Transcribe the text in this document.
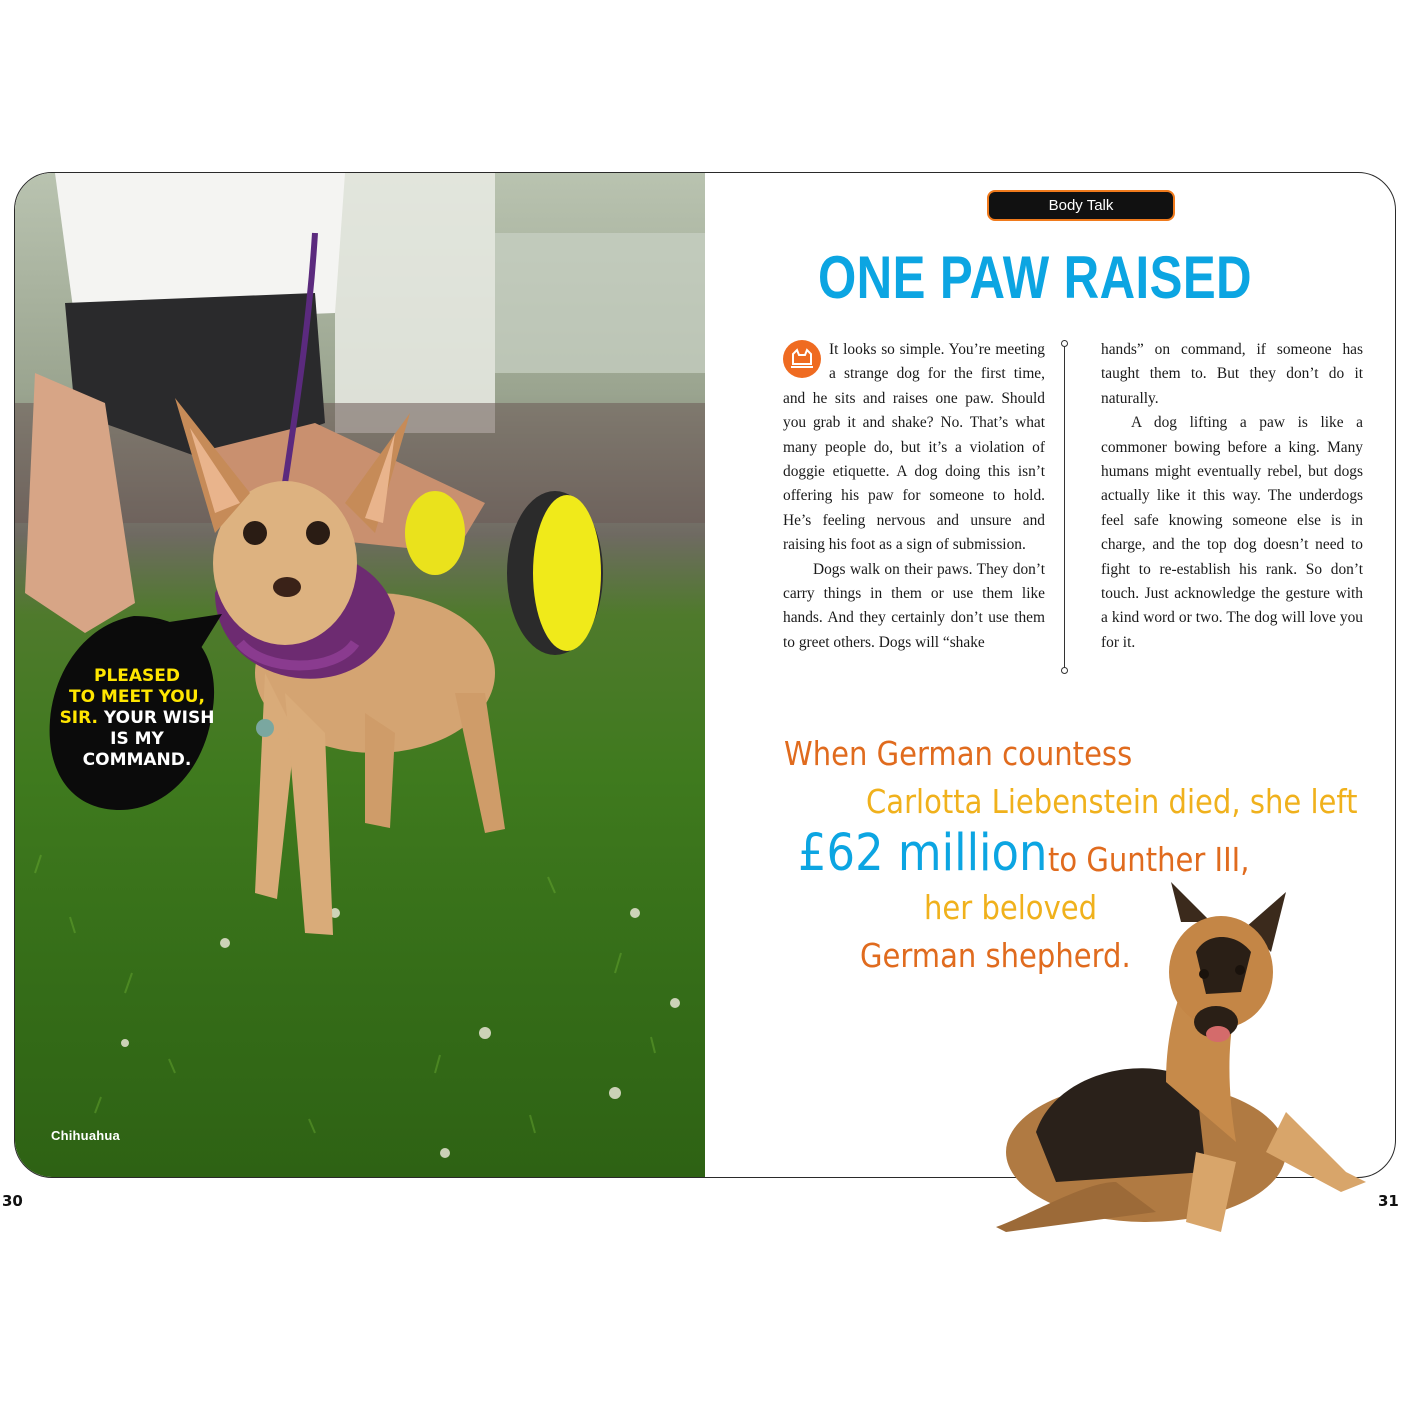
Chihuahua
Body Talk
PLEASED
TO MEET YOU,
SIR. YOUR WISH
IS MY
COMMAND.
ONE PAW RAISED

It looks so simple. You’re meeting a strange dog for the first time, and he sits and raises one paw. Should you grab it and shake? No. That’s what many people do, but it’s a violation of doggie etiquette. A dog doing this isn’t offering his paw for someone to hold. He’s feeling nervous and unsure and raising his foot as a sign of submission.

Dogs walk on their paws. They don’t carry things in them or use them like hands. And they certainly don’t use them to greet others. Dogs will “shake

hands” on command, if someone has taught them to. But they don’t do it naturally.

A dog lifting a paw is like a commoner bowing before a king. Many humans might eventually rebel, but dogs actually like it this way. The underdogs feel safe knowing someone else is in charge, and the top dog doesn’t need to fight to re-establish his rank. So don’t touch. Just acknowledge the gesture with a kind word or two. The dog will love you for it.

When German countess
Carlotta Liebenstein died, she left
£62 million to Gunther III,
her beloved
German shepherd.
30	31
